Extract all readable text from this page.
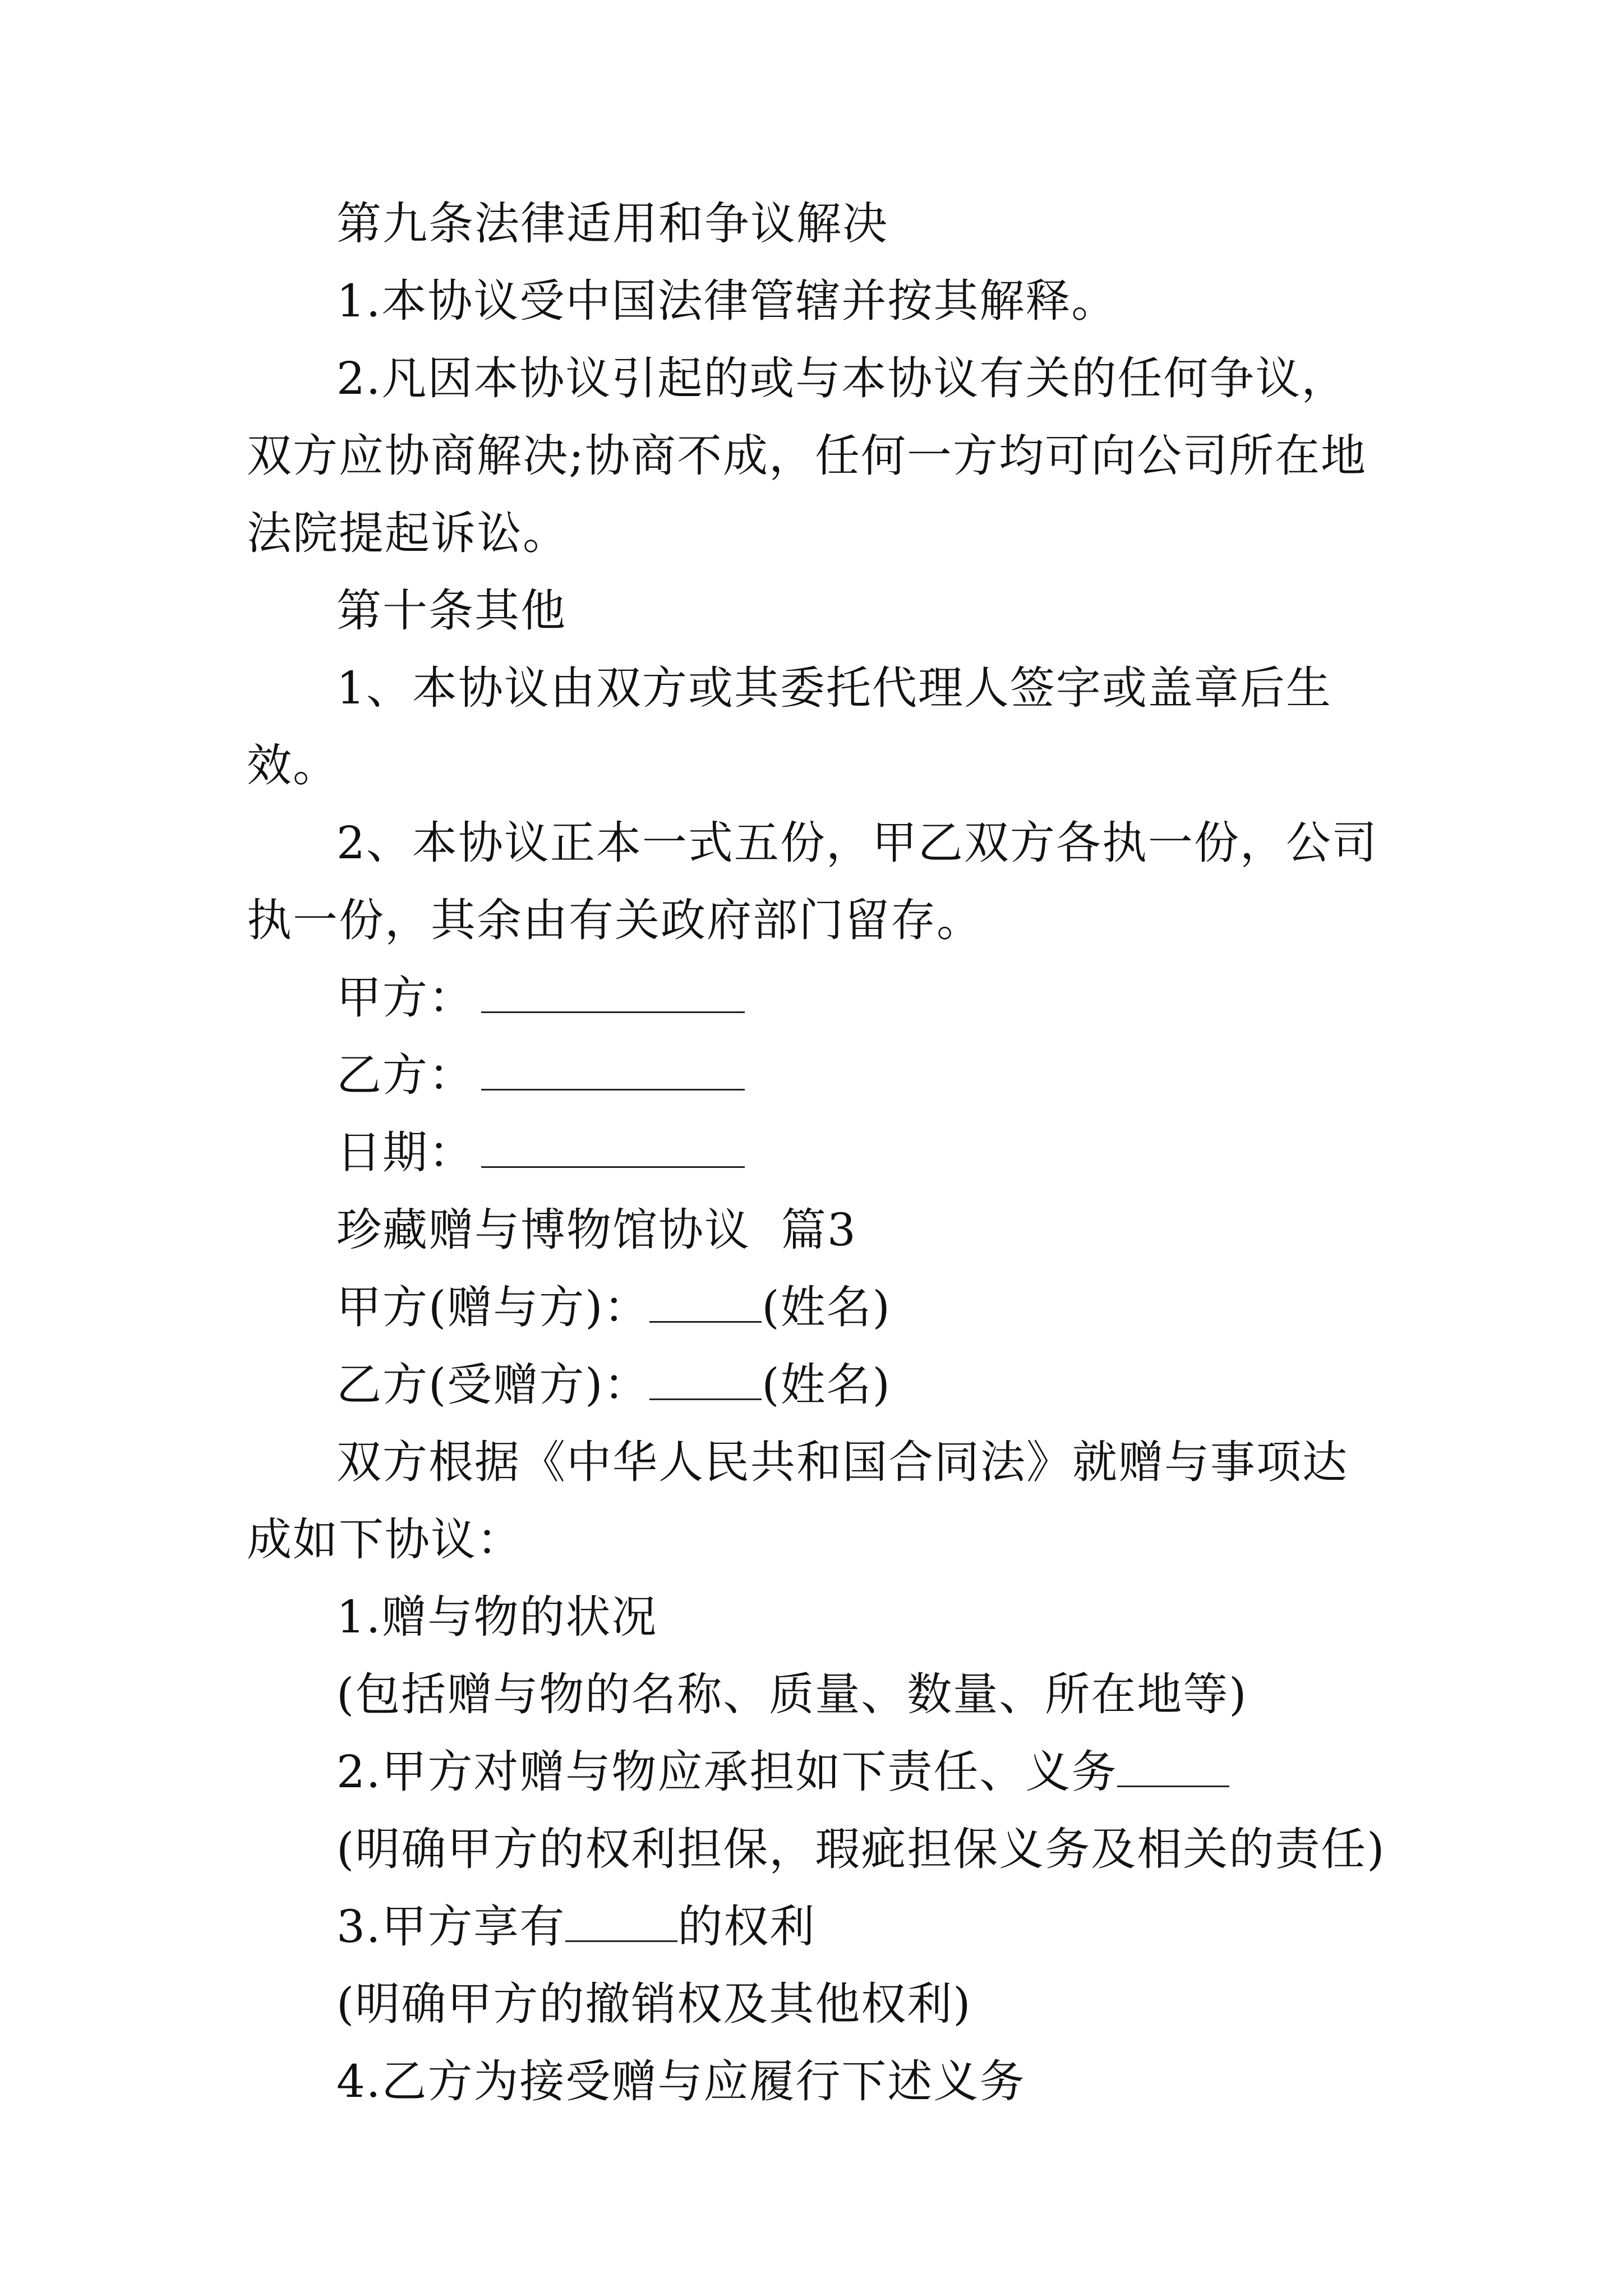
第九条法律适用和争议解决

1.本协议受中国法律管辖并按其解释。

2.凡因本协议引起的或与本协议有关的任何争议，双方应协商解决;协商不成，任何一方均可向公司所在地法院提起诉讼。

第十条其他

1、本协议由双方或其委托代理人签字或盖章后生效。

2、本协议正本一式五份，甲乙双方各执一份，公司执一份，其余由有关政府部门留存。

甲方：

乙方：

日期：

珍藏赠与博物馆协议  篇3

甲方(赠与方)：	(姓名)

乙方(受赠方)：	(姓名)

双方根据《中华人民共和国合同法》就赠与事项达成如下协议：

1.赠与物的状况

(包括赠与物的名称、质量、数量、所在地等)

2.甲方对赠与物应承担如下责任、义务

(明确甲方的权利担保，瑕疵担保义务及相关的责任)

3.甲方享有	的权利

(明确甲方的撤销权及其他权利)

4.乙方为接受赠与应履行下述义务
